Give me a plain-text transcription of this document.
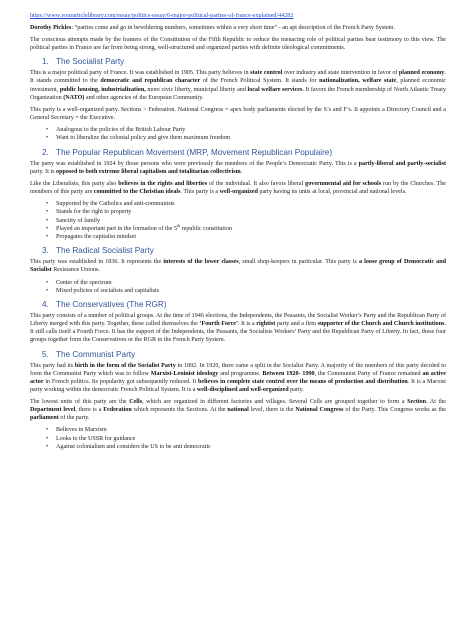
https://www.yourarticlelibrary.com/essay/politics-essay/6-major-political-parties-of-france-explained/44282

Dorothy Pickles: “parties come and go in bewildering numbers, sometimes within a very short time” - an apt description of the French Party System.

The conscious attempts made by the framers of the Constitution of the Fifth Republic to reduce the menacing role of political parties bear testimony to this view. The political parties in France are far from being strong, well-structured and organized parties with definite ideological commitments.

1. The Socialist Party

This is a major political party of France. It was established in 1905. This party believes in state control over industry and state intervention in favor of planned economy. It stands committed to the democratic and republican character of the French Political System. It stands for nationalization, welfare state, planned economic investment, public housing, industrialization, more civic liberty, municipal liberty and local welfare services. It favors the French membership of North Atlantic Treaty Organization (NATO) and other agencies of the European Community.

This party is a well-organized party. Sections > Federation. National Congress = apex body parliaments elected by the S’s and F’s. It appoints a Directory Council and a General Secretary = the Executive.

• Analogous to the policies of the British Labour Party
• Want to liberalize the colonial policy and give them maximum freedom
2. The Popular Republican Movement (MRP, Movement Republican Populaire)

The party was established in 1924 by those persons who were previously the members of the People’s Democratic Party. This is a partly-liberal and partly-socialist party. It is opposed to both extreme liberal capitalism and totalitarian collectivism.

Like the Liberalists, this party also believes in the rights and liberties of the individual. It also favors liberal governmental aid for schools run by the Churches. The members of this party are committed to the Christian ideals. This party is a well-organized party having its units at local, provincial and national levels.

• Supported by the Catholics and anti-communists
• Stands for the right to property
• Sanctity of family
• Played an important part in the formation of the 5th republic constitution
• Propagates the capitalist mindset
3. The Radical Socialist Party

This party was established in 1836. It represents the interests of the lower classes, small shop-keepers in particular. This party is a loose group of Democratic and Socialist Resistance Unions.

• Center of the spectrum
• Mixed policies of socialists and capitalists
4. The Conservatives (The RGR)

This party consists of a number of political groups. At the time of 1946 elections, the Independents, the Peasants, the Socialist Worker’s Party and the Republican Party of Liberty merged with this party. Together, these called themselves the ‘Fourth Force’. It is a rightist party and a firm supporter of the Church and Church institutions. It still calls itself a Fourth Force. It has the support of the Independents, the Peasants, the Socialists Workers’ Party and the Republican Party of Liberty. In fact, these four groups together form the Conservatives or the RGR in the French Party System.

5. The Communist Party

This party had its birth in the form of the Socialist Party in 1892. In 1920, there came a split in the Socialist Party. A majority of the members of this party decided to form the Communist Party which was to follow Marxist-Leninist ideology and programme. Between 1920- 1990, the Communist Party of France remained an active actor in French politics. Its popularity got subsequently reduced. It believes in complete state control over the means of production and distribution. It is a Marxist party working within the democratic French Political System. It is a well-disciplined and well-organized party.

The lowest units of this party are the Cells, which are organized in different factories and villages. Several Cells are grouped together to form a Section. At the Department level, there is a Federation which represents the Sections. At the national level, there is the National Congress of the Party. This Congress works as the parliament of the party.

• Believes in Marxism
• Looks to the USSR for guidance
• Against colonialism and considers the US to be anti democratic
